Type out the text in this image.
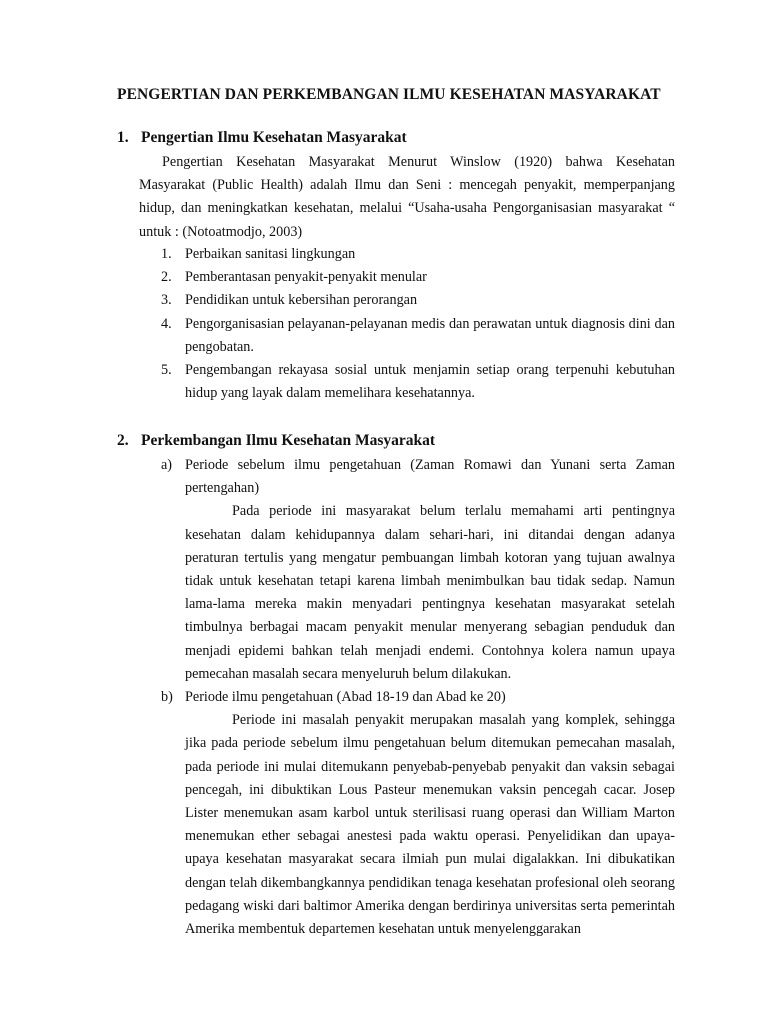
PENGERTIAN DAN PERKEMBANGAN ILMU KESEHATAN MASYARAKAT
1. Pengertian Ilmu Kesehatan Masyarakat
Pengertian Kesehatan Masyarakat Menurut Winslow (1920) bahwa Kesehatan Masyarakat (Public Health) adalah Ilmu dan Seni : mencegah penyakit, memperpanjang hidup, dan meningkatkan kesehatan, melalui “Usaha-usaha Pengorganisasian masyarakat “ untuk : (Notoatmodjo, 2003)
1. Perbaikan sanitasi lingkungan
2. Pemberantasan penyakit-penyakit menular
3. Pendidikan untuk kebersihan perorangan
4. Pengorganisasian pelayanan-pelayanan medis dan perawatan untuk diagnosis dini dan pengobatan.
5. Pengembangan rekayasa sosial untuk menjamin setiap orang terpenuhi kebutuhan hidup yang layak dalam memelihara kesehatannya.
2. Perkembangan Ilmu Kesehatan Masyarakat
a) Periode sebelum ilmu pengetahuan (Zaman Romawi dan Yunani serta Zaman pertengahan)
Pada periode ini masyarakat belum terlalu memahami arti pentingnya kesehatan dalam kehidupannya dalam sehari-hari, ini ditandai dengan adanya peraturan tertulis yang mengatur pembuangan limbah kotoran yang tujuan awalnya tidak untuk kesehatan tetapi karena limbah menimbulkan bau tidak sedap. Namun lama-lama mereka makin menyadari pentingnya kesehatan masyarakat setelah timbulnya berbagai macam penyakit menular menyerang sebagian penduduk dan menjadi epidemi bahkan telah menjadi endemi. Contohnya kolera namun upaya pemecahan masalah secara menyeluruh belum dilakukan.
b) Periode ilmu pengetahuan (Abad 18-19 dan Abad ke 20)
Periode ini masalah penyakit merupakan masalah yang komplek, sehingga jika pada periode sebelum ilmu pengetahuan belum ditemukan pemecahan masalah, pada periode ini mulai ditemukann penyebab-penyebab penyakit dan vaksin sebagai pencegah, ini dibuktikan Lous Pasteur menemukan vaksin pencegah cacar. Josep Lister menemukan asam karbol untuk sterilisasi ruang operasi dan William Marton menemukan ether sebagai anestesi pada waktu operasi. Penyelidikan dan upaya-upaya kesehatan masyarakat secara ilmiah pun mulai digalakkan. Ini dibukatikan dengan telah dikembangkannya pendidikan tenaga kesehatan profesional oleh seorang pedagang wiski dari baltimor Amerika dengan berdirinya universitas serta pemerintah Amerika membentuk departemen kesehatan untuk menyelenggarakan
